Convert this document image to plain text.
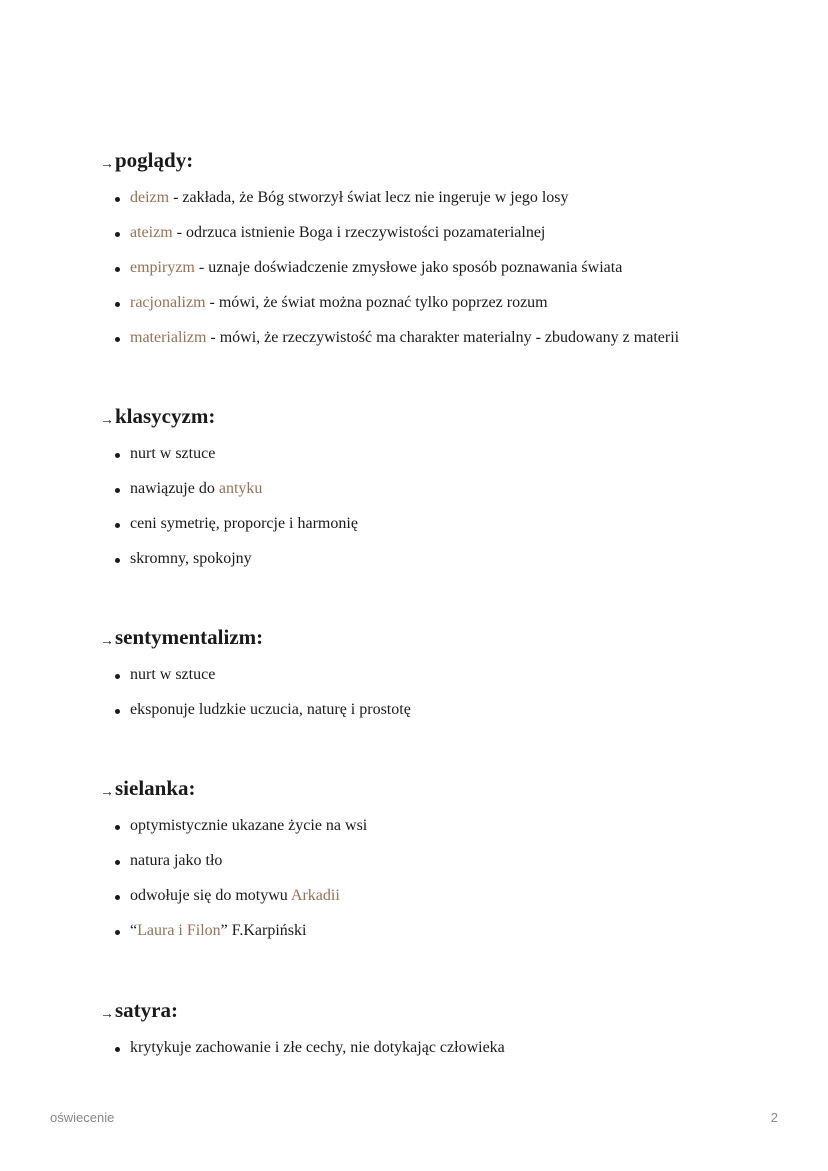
→ poglądy:
deizm - zakłada, że Bóg stworzył świat lecz nie ingeruje w jego losy
ateizm - odrzuca istnienie Boga i rzeczywistości pozamaterialnej
empiryzm - uznaje doświadczenie zmysłowe jako sposób poznawania świata
racjonalizm - mówi, że świat można poznać tylko poprzez rozum
materializm - mówi, że rzeczywistość ma charakter materialny - zbudowany z materii
→ klasycyzm:
nurt w sztuce
nawiązuje do antyku
ceni symetrię, proporcje i harmonię
skromny, spokojny
→ sentymentalizm:
nurt w sztuce
eksponuje ludzkie uczucia, naturę i prostotę
→ sielanka:
optymistycznie ukazane życie na wsi
natura jako tło
odwołuje się do motywu Arkadii
“Laura i Filon” F.Karpiński
→ satyra:
krytykuje zachowanie i złe cechy, nie dotykając człowieka
oświecenie	2
